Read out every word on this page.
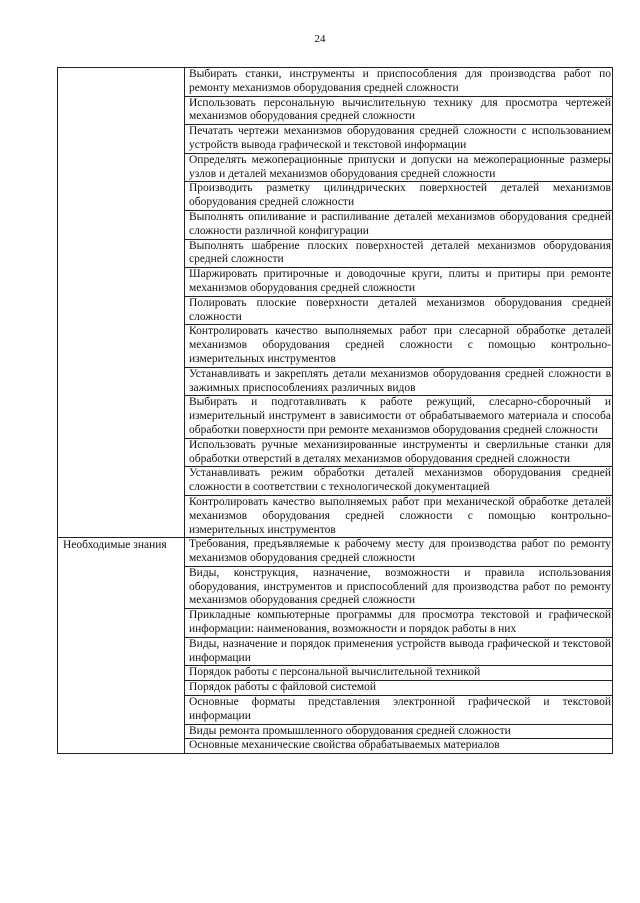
24
	Выбирать станки, инструменты и приспособления для производства работ по ремонту механизмов оборудования средней сложности
	Использовать персональную вычислительную технику для просмотра чертежей механизмов оборудования средней сложности
	Печатать чертежи механизмов оборудования средней сложности с использованием устройств вывода графической и текстовой информации
	Определять межоперационные припуски и допуски на межоперационные размеры узлов и деталей механизмов оборудования средней сложности
	Производить разметку цилиндрических поверхностей деталей механизмов оборудования средней сложности
	Выполнять опиливание и распиливание деталей механизмов оборудования средней сложности различной конфигурации
	Выполнять шабрение плоских поверхностей деталей механизмов оборудования средней сложности
	Шаржировать притирочные и доводочные круги, плиты и притиры при ремонте механизмов оборудования средней сложности
	Полировать плоские поверхности деталей механизмов оборудования средней сложности
	Контролировать качество выполняемых работ при слесарной обработке деталей механизмов оборудования средней сложности с помощью контрольно-измерительных инструментов
	Устанавливать и закреплять детали механизмов оборудования средней сложности в зажимных приспособлениях различных видов
	Выбирать и подготавливать к работе режущий, слесарно-сборочный и измерительный инструмент в зависимости от обрабатываемого материала и способа обработки поверхности при ремонте механизмов оборудования средней сложности
	Использовать ручные механизированные инструменты и сверлильные станки для обработки отверстий в деталях механизмов оборудования средней сложности
	Устанавливать режим обработки деталей механизмов оборудования средней сложности в соответствии с технологической документацией
	Контролировать качество выполняемых работ при механической обработке деталей механизмов оборудования средней сложности с помощью контрольно-измерительных инструментов
Необходимые знания	Требования, предъявляемые к рабочему месту для производства работ по ремонту механизмов оборудования средней сложности
	Виды, конструкция, назначение, возможности и правила использования оборудования, инструментов и приспособлений для производства работ по ремонту механизмов оборудования средней сложности
	Прикладные компьютерные программы для просмотра текстовой и графической информации: наименования, возможности и порядок работы в них
	Виды, назначение и порядок применения устройств вывода графической и текстовой информации
	Порядок работы с персональной вычислительной техникой
	Порядок работы с файловой системой
	Основные форматы представления электронной графической и текстовой информации
	Виды ремонта промышленного оборудования средней сложности
	Основные механические свойства обрабатываемых материалов
